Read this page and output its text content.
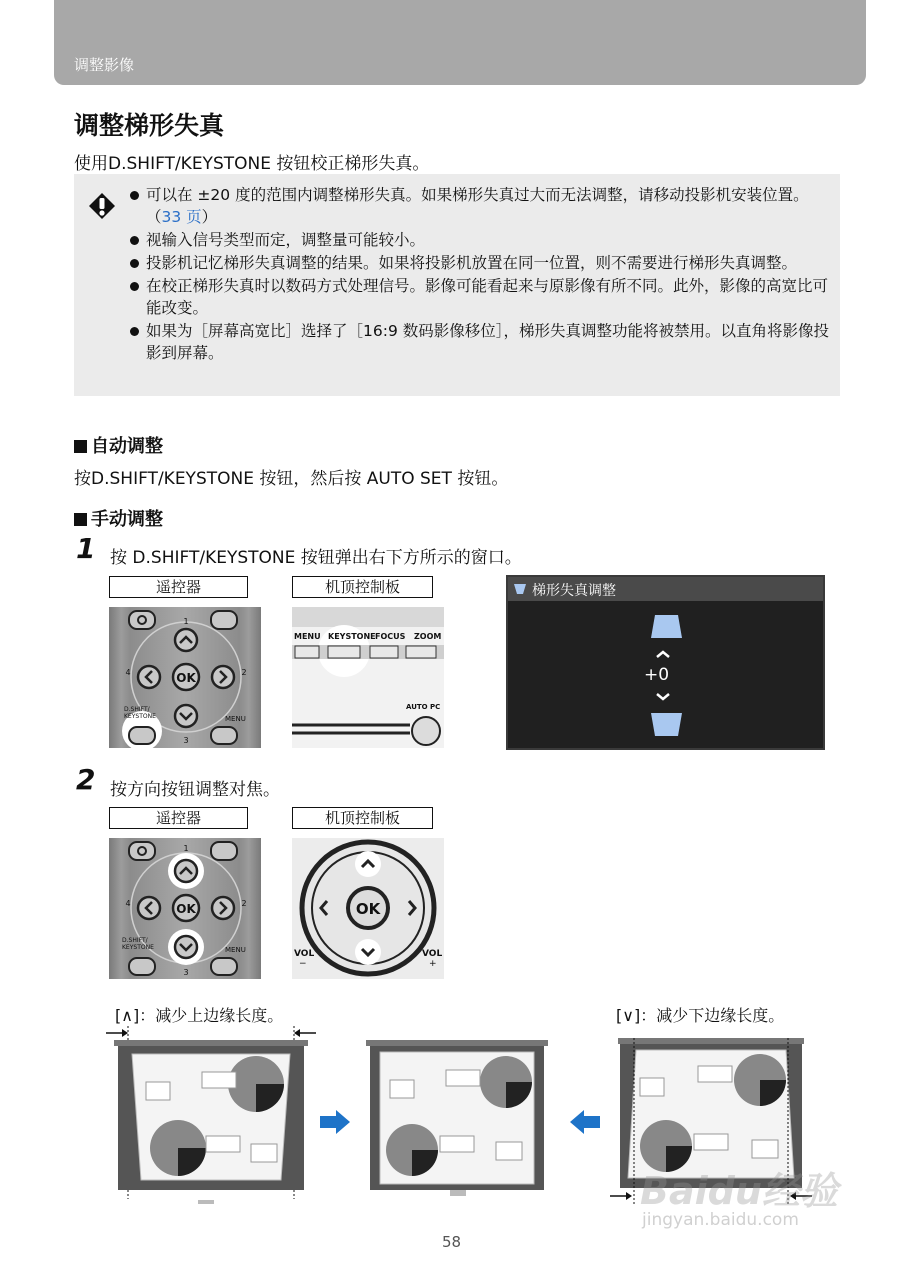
调整影像
调整梯形失真
使用D.SHIFT/KEYSTONE 按钮校正梯形失真。
可以在 ±20 度的范围内调整梯形失真。如果梯形失真过大而无法调整，请移动投影机安装位置。（33 页）
视输入信号类型而定，调整量可能较小。
投影机记忆梯形失真调整的结果。如果将投影机放置在同一位置，则不需要进行梯形失真调整。
在校正梯形失真时以数码方式处理信号。影像可能看起来与原影像有所不同。此外，影像的高宽比可能改变。
如果为［屏幕高宽比］选择了［16:9 数码影像移位］，梯形失真调整功能将被禁用。以直角将影像投影到屏幕。
自动调整
按D.SHIFT/KEYSTONE 按钮，然后按 AUTO SET 按钮。
手动调整
1 按 D.SHIFT/KEYSTONE 按钮弹出右下方所示的窗口。
遥控器	机顶控制板
OK
1
2
3
4
D.SHIFT/
KEYSTONE	MENU
MENU KEYSTONE FOCUS ZOOM
AUTO PC
梯形失真调整
+0
2 按方向按钮调整对焦。
遥控器	机顶控制板
OK
1
2
3
4
D.SHIFT/
KEYSTONE	MENU
OK
VOL
−
VOL
+
[∧]：减少上边缘长度。	[∨]：减少下边缘长度。
Baidu经验
jingyan.baidu.com
58
